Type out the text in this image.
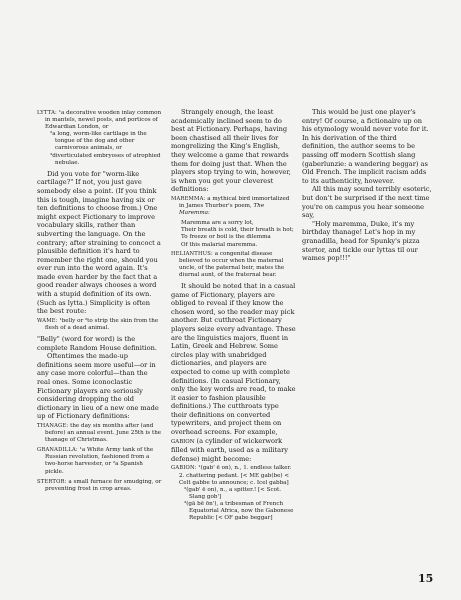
LYTTA: ¹a decorative wooden inlay common in mantels, newel posts, and porticos of Edwardian London, or
²a long, worm-like cartilage in the tongue of the dog and other carnivorous animals, or
³diverticulated embryoses of atrophied nebulae.

Did you vote for "worm-like cartilage?" If not, you just gave somebody else a point. (If you think this is tough, imagine having six or ten definitions to choose from.) One might expect Fictionary to improve vocabulary skills, rather than subverting the language. On the contrary; after straining to concoct a plausible definition it's hard to remember the right one, should you ever run into the word again. It's made even harder by the fact that a good reader always chooses a word with a stupid definition of its own. (Such as lytta.) Simplicity is often the best route:

WAME: ¹belly or ²to strip the skin from the flesh of a dead animal.

"Belly" (word for word) is the complete Random House definition.

Oftentimes the made-up definitions seem more useful—or in any case more colorful—than the real ones. Some iconoclastic Fictionary players are seriously considering dropping the old dictionary in lieu of a new one made up of Fictionary definitions:

THANAGE: the day six months after (and before) an annual event. June 25th is the thanage of Christmas.
GRANADILLA: ¹a White Army tank of the Russian revolution, fashioned from a two-horse harvester, or ²a Spanish pickle.
STERTOR: a small furnace for smudging, or preventing frost in crop areas.

Strangely enough, the least academically inclined seem to do best at Fictionary. Perhaps, having been chastised all their lives for mongrelizing the King's English, they welcome a game that rewards them for doing just that. When the players stop trying to win, however, is when you get your cleverest definitions:

MAREMMA: a mythical bird immortalized in James Thurber's poem, The Maremma:
Maremma are a sorry lot,
Their breath is cold, their breath is hot;
To freeze or boil is the dilemma
Of this malarial maremma.
HELIANTHUS: a congenital disease believed to occur when the maternal uncle, of the paternal heir, mates the diurnal aunt, of the fraternal bear.

It should be noted that in a casual game of Fictionary, players are obliged to reveal if they know the chosen word, so the reader may pick another. But cutthroat Fictionary players seize every advantage. These are the linguistics majors, fluent in Latin, Greek and Hebrew. Some circles play with unabridged dictionaries, and players are expected to come up with complete definitions. (In casual Fictionary, only the key words are read, to make it easier to fashion plausible definitions.) The cutthroats type their definitions on converted typewriters, and project them on overhead screens. For example, GABION (a cylinder of wickerwork filled with earth, used as a military defense) might become:

GABION: ¹(gab' ē on), n., 1. endless talker. 2. chattering pedant. [< ME gab(be) < Celt gabbe to announce; c. Icel gabba]
²(gab' ē on), n., a spitter.! [< Scot. Slang gob']
³(gā bē ōn'), a tribesman of French Equatorial Africa, now the Gabonese Republic [< OF gabe beggar]

This would be just one player's entry! Of course, a fictionaire up on his etymology would never vote for it. In his derivation of the third definition, the author seems to be passing off modern Scottish slang (gaberlunzie: a wandering beggar) as Old French. The implicit racism adds to its authenticity, however.

All this may sound terribly esoteric, but don't be surprised if the next time you're on campus you hear someone say,

"Holy maremma, Duke, it's my birthday thanage! Let's hop in my granadilla, head for Spunky's pizza stertor, and tickle our lyttas til our wames pop!!!"

15
